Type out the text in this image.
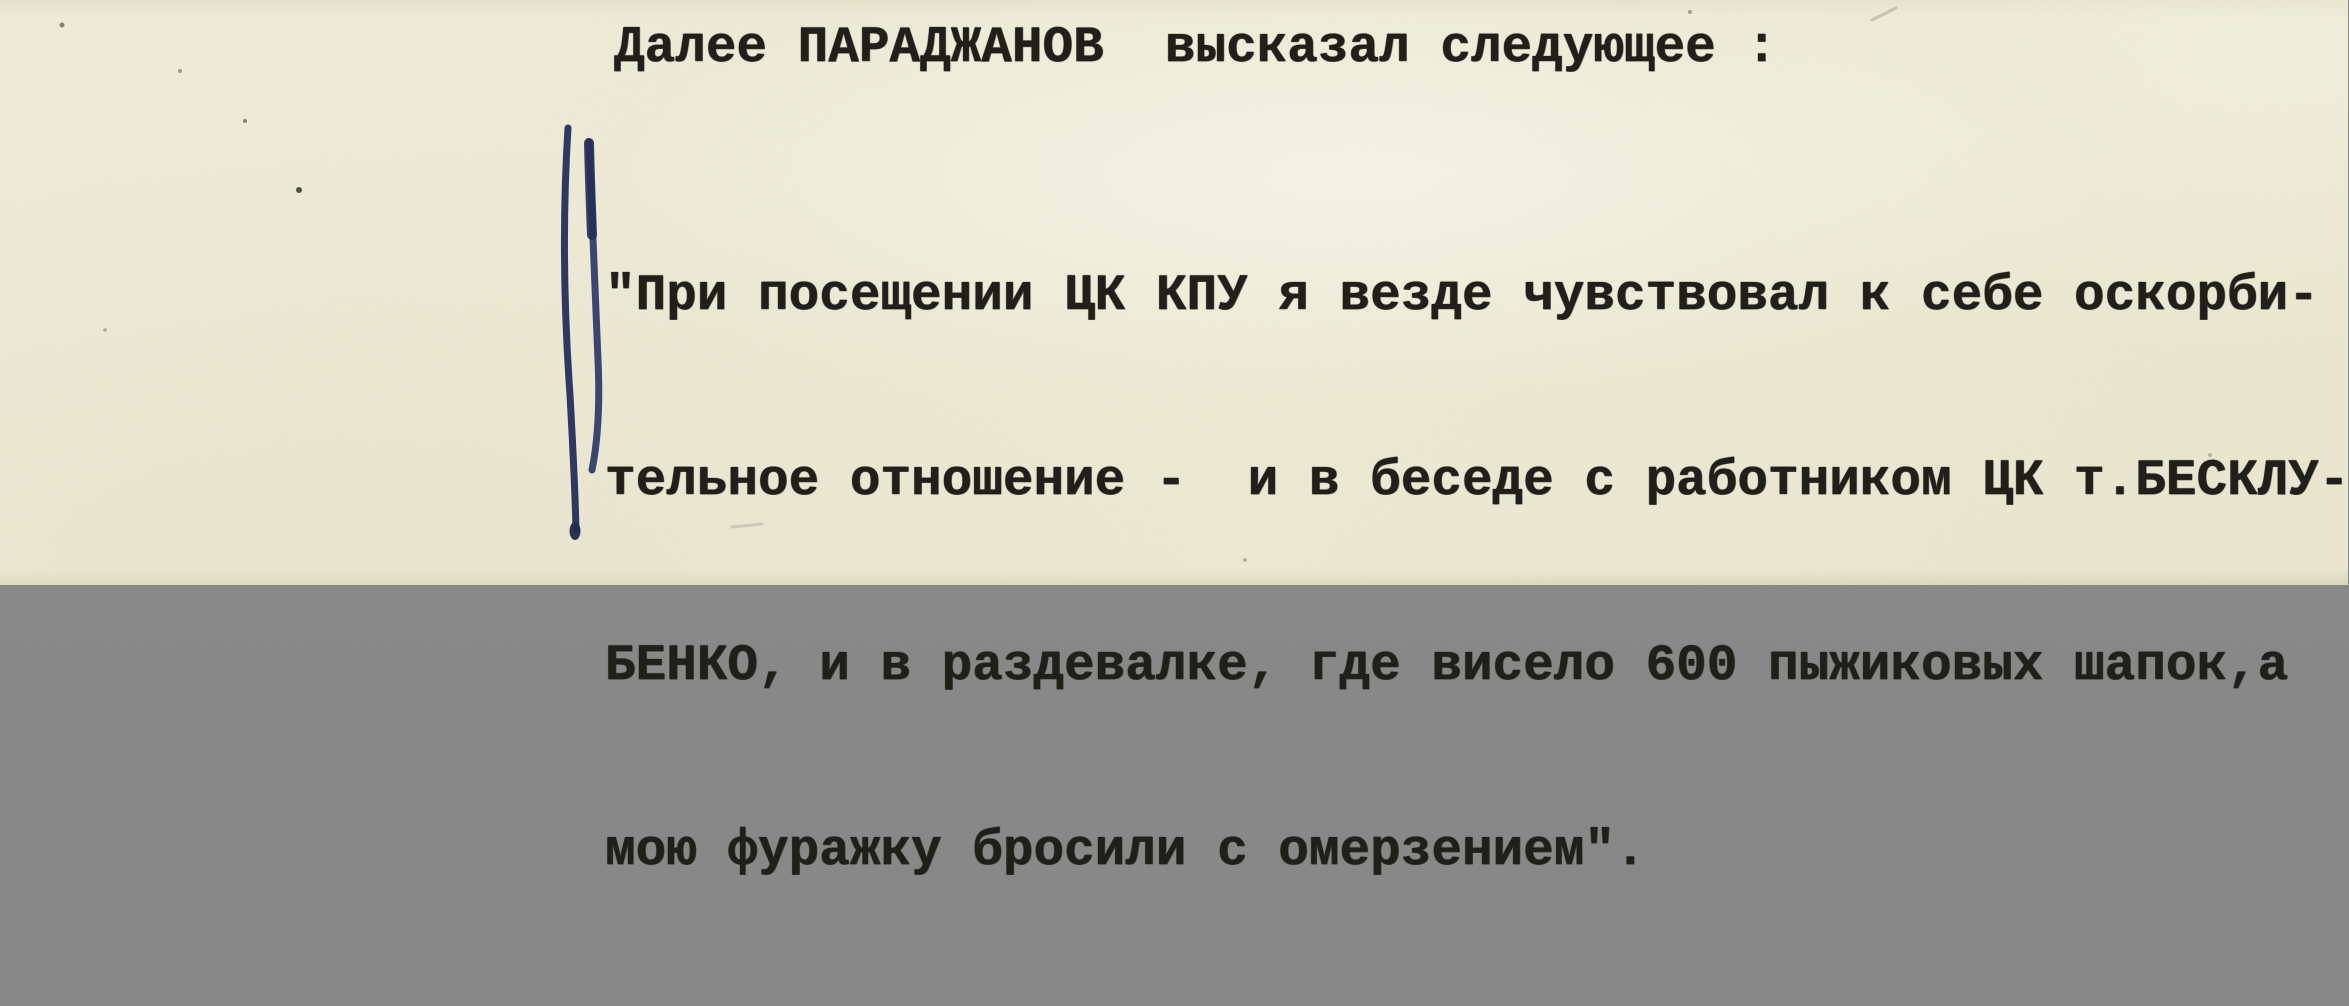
Далее ПАРАДЖАНОВ  высказал следующее :

"При посещении ЦК КПУ я везде чувствовал к себе оскорби-

тельное отношение -  и в беседе с работником ЦК т.БЕСКЛУ-

БЕНКО, и в раздевалке, где висело 600 пыжиковых шапок,а

мою фуражку бросили с омерзением".
